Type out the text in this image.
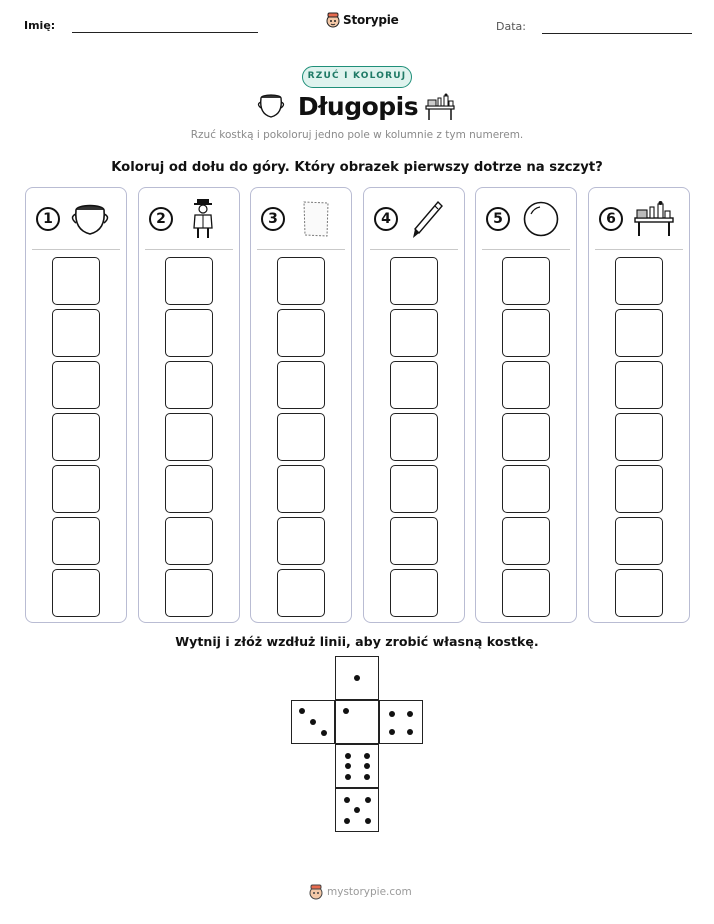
Imię:	Storypie	Data:
RZUĆ I KOLORUJ
Długopis
Rzuć kostką i pokoloruj jedno pole w kolumnie z tym numerem.
Koloruj od dołu do góry. Który obrazek pierwszy dotrze na szczyt?
1	2	3	4	5	6
Wytnij i złóż wzdłuż linii, aby zrobić własną kostkę.
mystorypie.com
